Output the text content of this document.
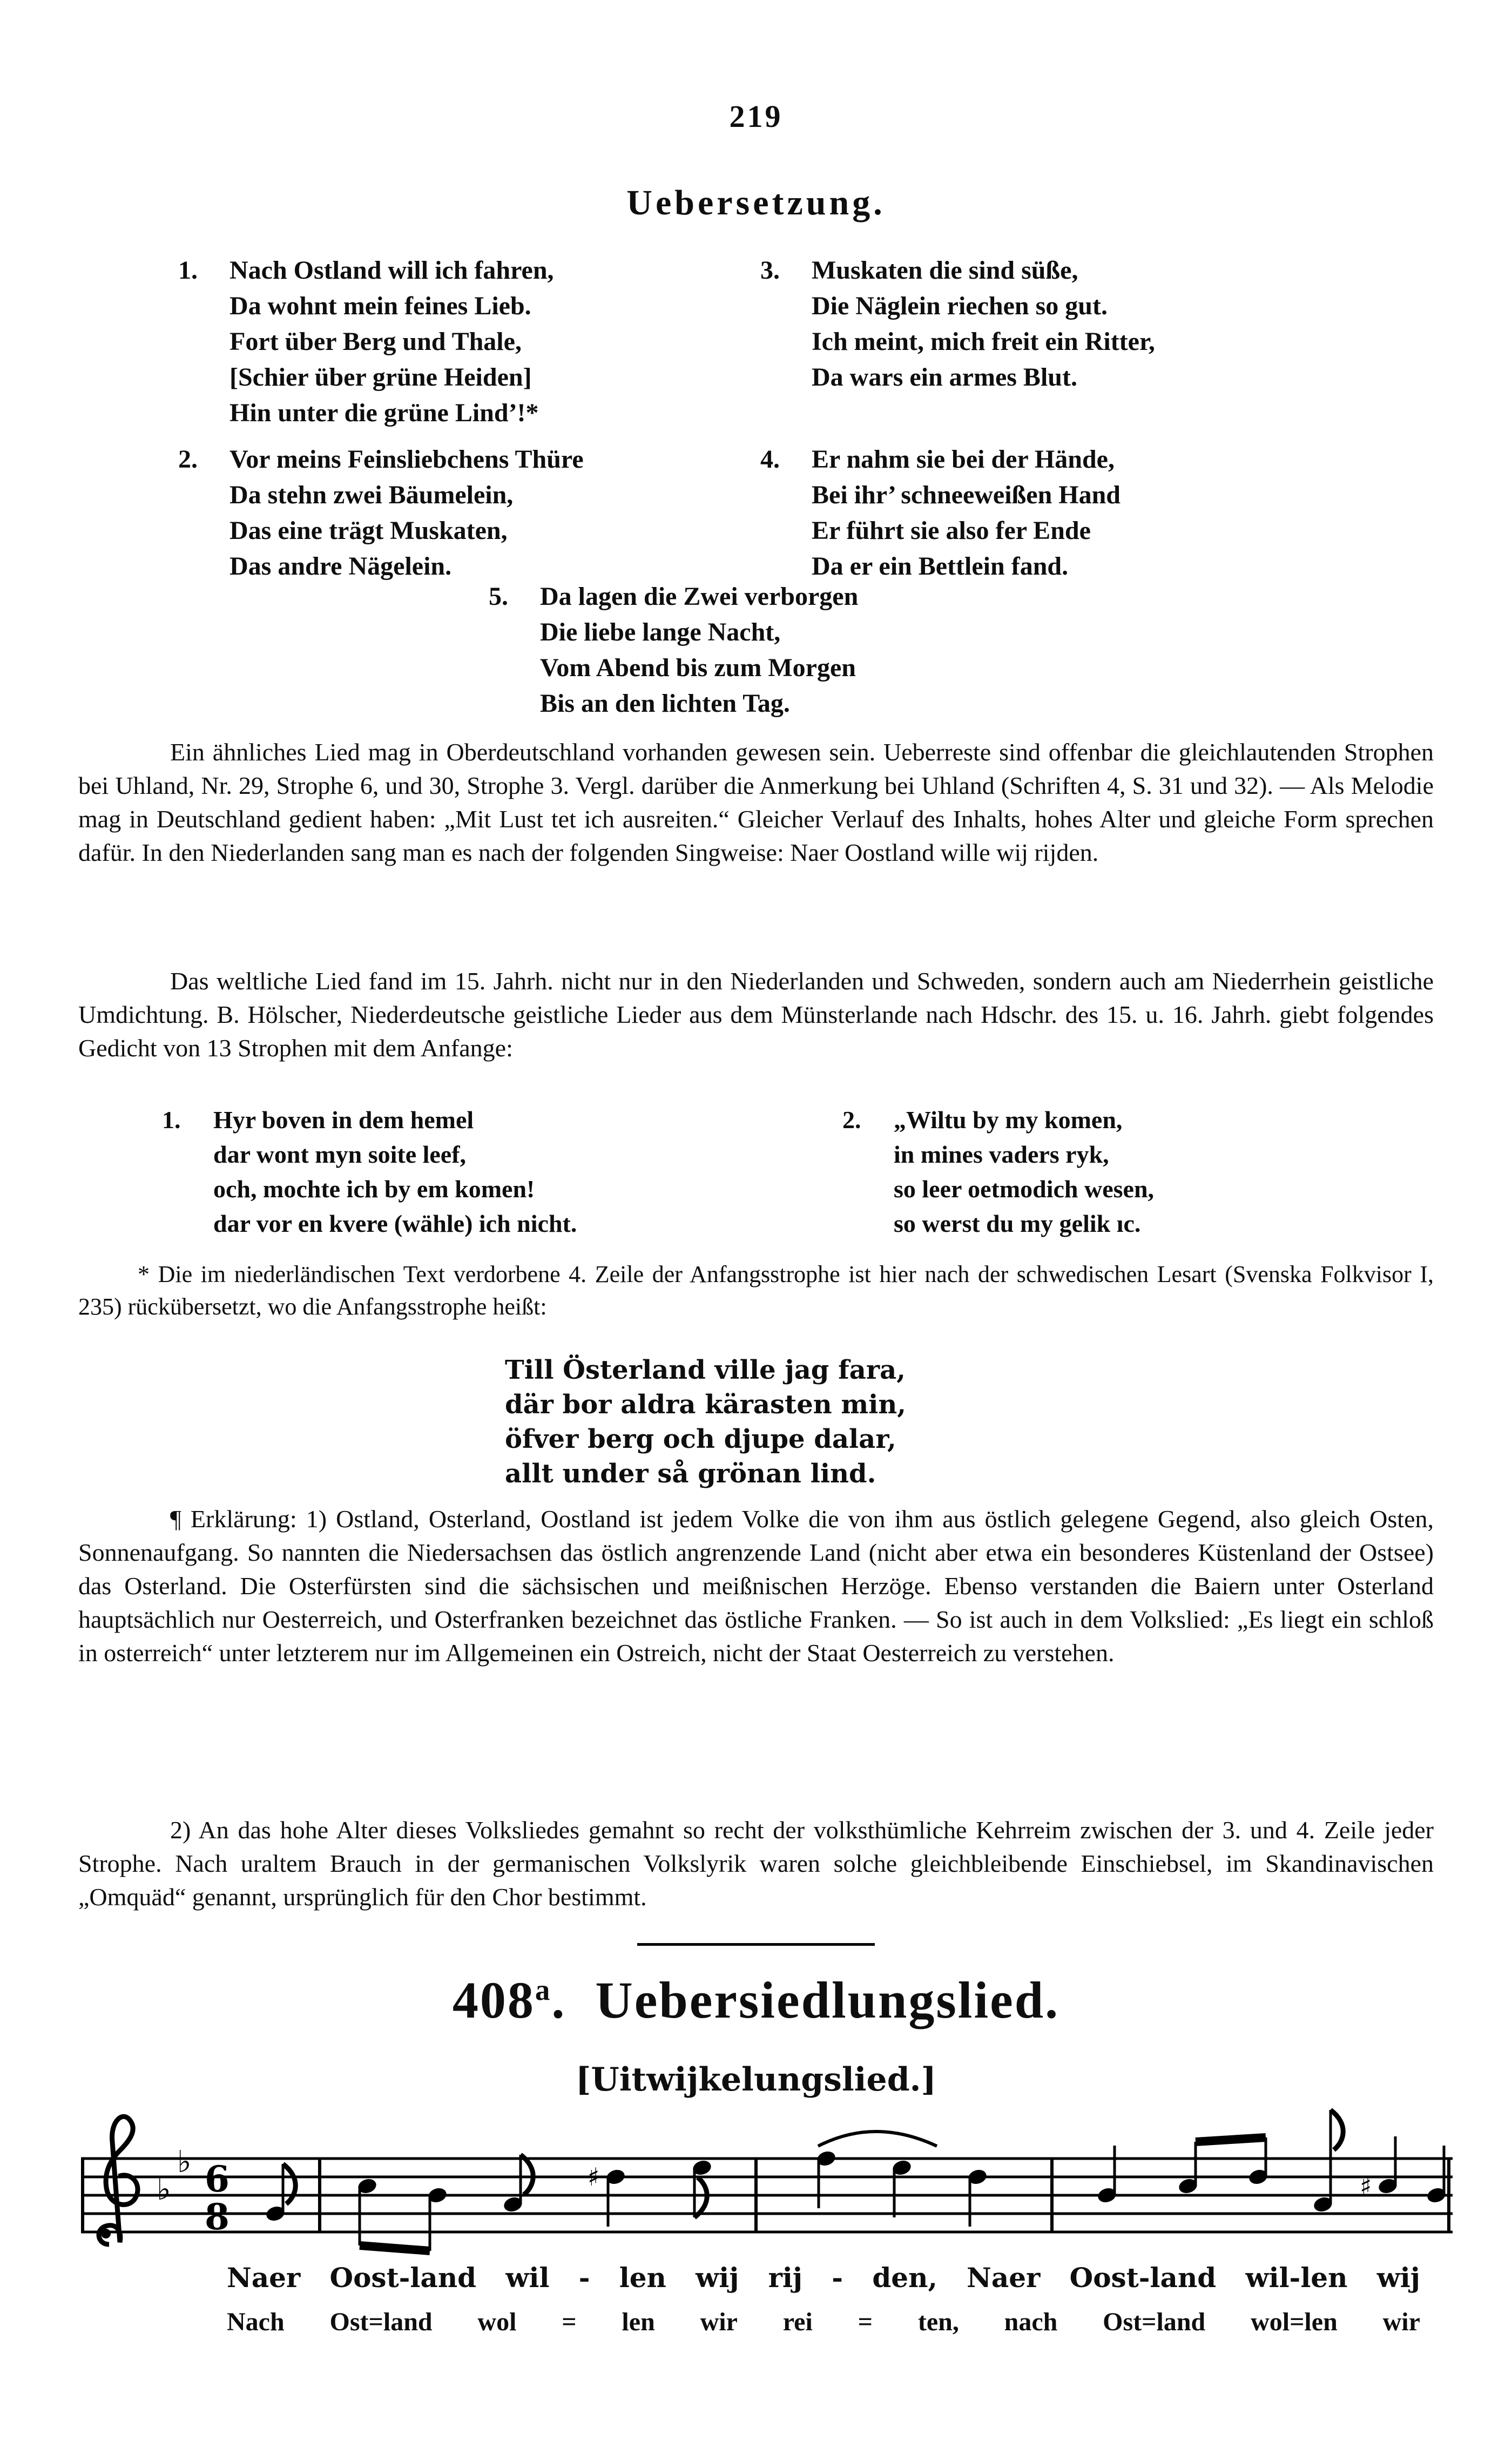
219
Uebersetzung.
1.	Nach Ostland will ich fahren,
Da wohnt mein feines Lieb.
Fort über Berg und Thale,
[Schier über grüne Heiden]
Hin unter die grüne Lind’!*
3.	Muskaten die sind süße,
Die Näglein riechen so gut.
Ich meint, mich freit ein Ritter,
Da wars ein armes Blut.
2.	Vor meins Feinsliebchens Thüre
Da stehn zwei Bäumelein,
Das eine trägt Muskaten,
Das andre Nägelein.
4.	Er nahm sie bei der Hände,
Bei ihr’ schneeweißen Hand
Er führt sie also fer Ende
Da er ein Bettlein fand.
5.	Da lagen die Zwei verborgen
Die liebe lange Nacht,
Vom Abend bis zum Morgen
Bis an den lichten Tag.
Ein ähnliches Lied mag in Oberdeutschland vorhanden gewesen sein. Ueberreste sind offenbar die gleichlautenden Strophen bei Uhland, Nr. 29, Strophe 6, und 30, Strophe 3. Vergl. darüber die Anmerkung bei Uhland (Schriften 4, S. 31 und 32). — Als Melodie mag in Deutschland gedient haben: „Mit Lust tet ich ausreiten.“ Gleicher Verlauf des Inhalts, hohes Alter und gleiche Form sprechen dafür. In den Niederlanden sang man es nach der folgenden Singweise: Naer Oostland wille wij rijden.
Das weltliche Lied fand im 15. Jahrh. nicht nur in den Niederlanden und Schweden, sondern auch am Niederrhein geistliche Umdichtung. B. Hölscher, Niederdeutsche geistliche Lieder aus dem Münsterlande nach Hdschr. des 15. u. 16. Jahrh. giebt folgendes Gedicht von 13 Strophen mit dem Anfange:
1.	Hyr boven in dem hemel
dar wont myn soite leef,
och, mochte ich by em komen!
dar vor en kvere (wähle) ich nicht.
2.	„Wiltu by my komen,
in mines vaders ryk,
so leer oetmodich wesen,
so werst du my gelik ıc.
* Die im niederländischen Text verdorbene 4. Zeile der Anfangsstrophe ist hier nach der schwedischen Lesart (Svenska Folkvisor I, 235) rückübersetzt, wo die Anfangsstrophe heißt:
Till Österland ville jag fara,
där bor aldra kärasten min,
öfver berg och djupe dalar,
allt under så grönan lind.
¶ Erklärung: 1) Ostland, Osterland, Oostland ist jedem Volke die von ihm aus östlich gelegene Gegend, also gleich Osten, Sonnenaufgang. So nannten die Niedersachsen das östlich angrenzende Land (nicht aber etwa ein besonderes Küstenland der Ostsee) das Osterland. Die Osterfürsten sind die sächsischen und meißnischen Herzöge. Ebenso verstanden die Baiern unter Osterland hauptsächlich nur Oesterreich, und Osterfranken bezeichnet das östliche Franken. — So ist auch in dem Volkslied: „Es liegt ein schloß in osterreich“ unter letzterem nur im Allgemeinen ein Ostreich, nicht der Staat Oesterreich zu verstehen.
2) An das hohe Alter dieses Volksliedes gemahnt so recht der volksthümliche Kehrreim zwischen der 3. und 4. Zeile jeder Strophe. Nach uraltem Brauch in der germanischen Volkslyrik waren solche gleichbleibende Einschiebsel, im Skandinavischen „Omquäd“ genannt, ursprünglich für den Chor bestimmt.
408$^a$. Uebersiedlungslied.
[Uitwijkelungslied.]
♭
♭ 6
8
♯	♯
Naer Oost-land wil - len wij rij - den, Naer Oost-land wil-len wij
Nach Ost=land wol = len wir rei = ten, nach Ost=land wol=len wir
